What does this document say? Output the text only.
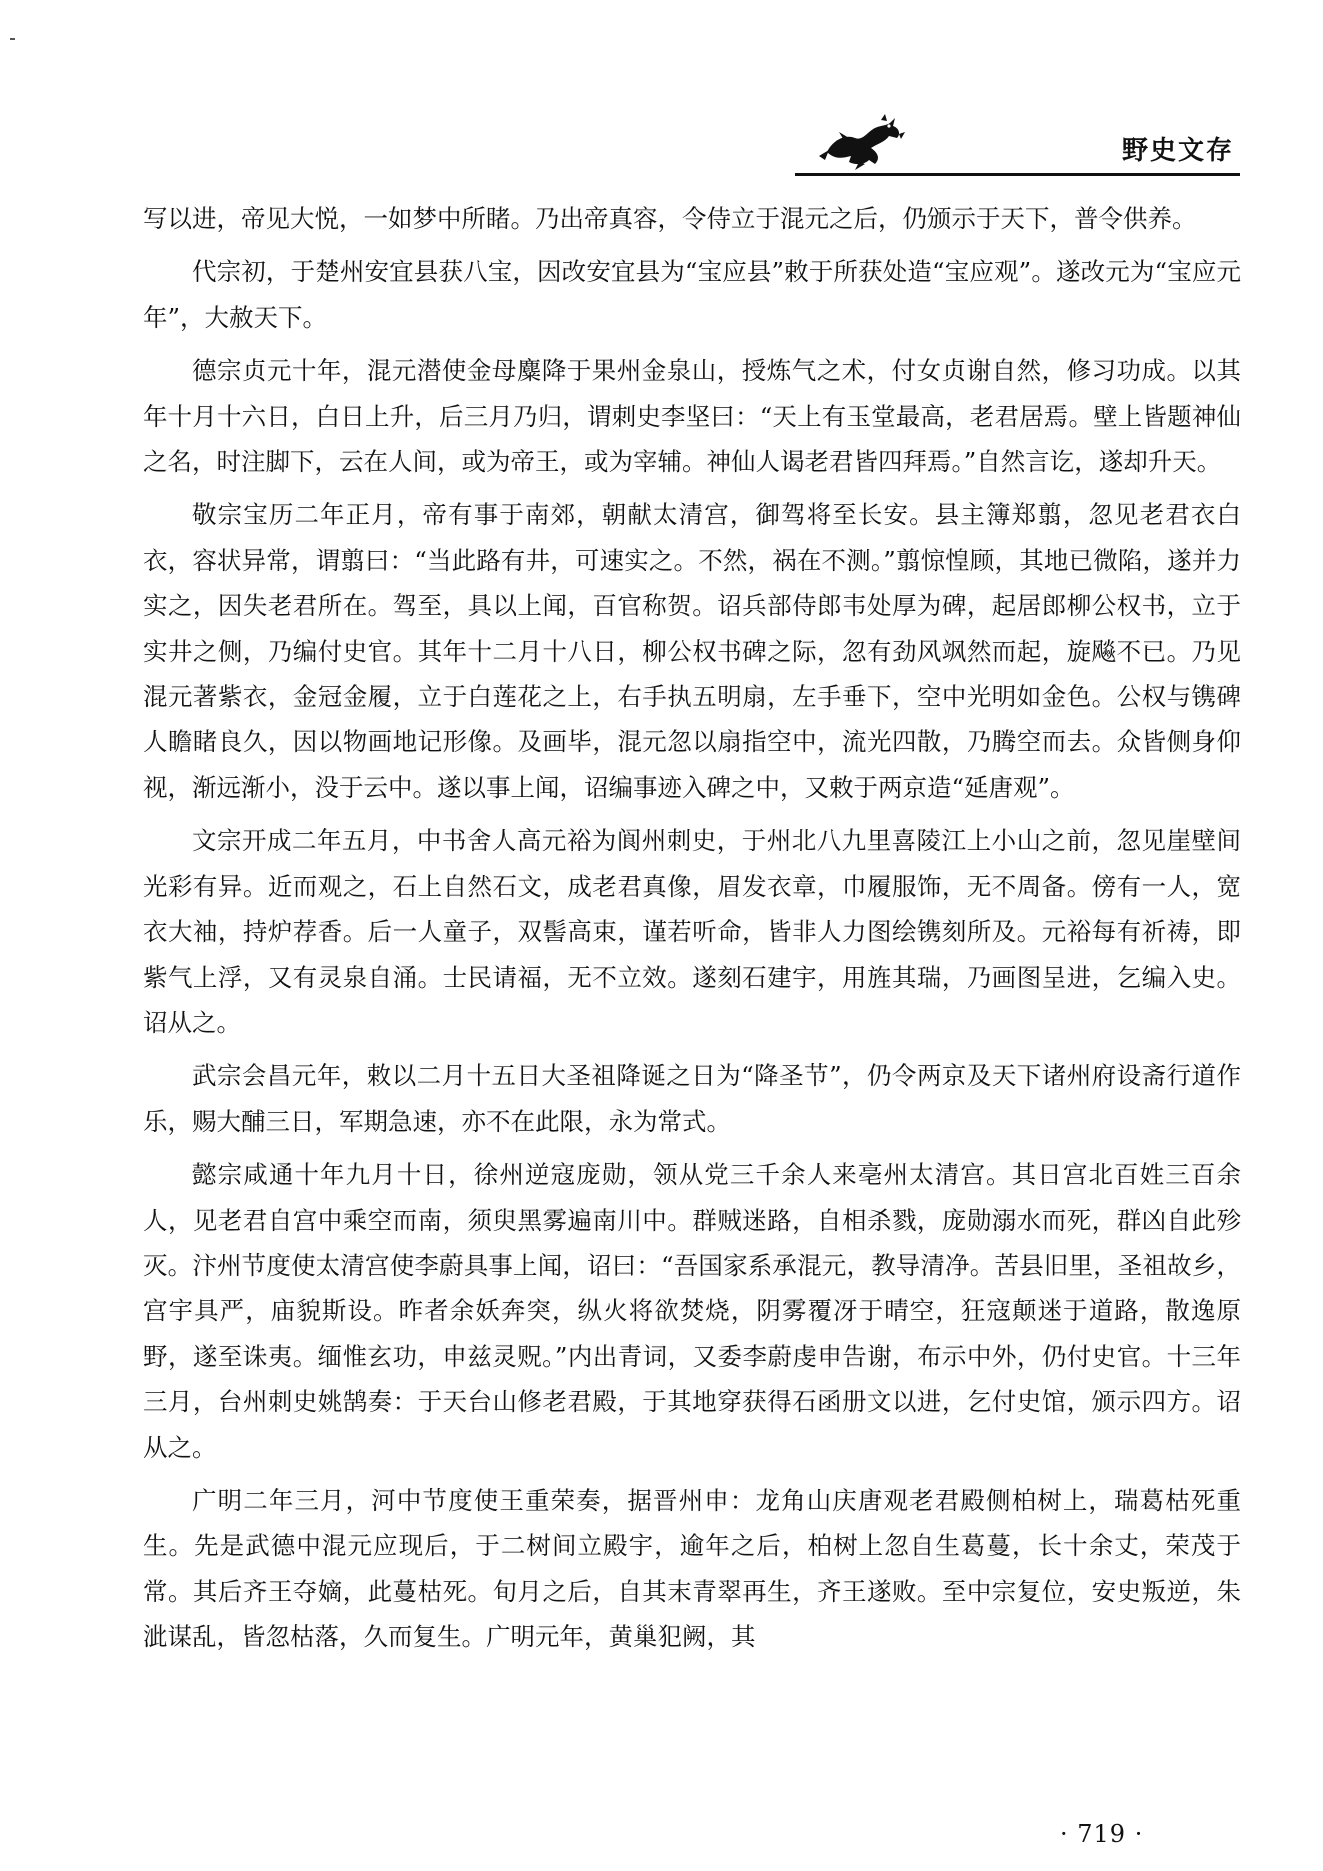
野史文存

写以进，帝见大悦，一如梦中所睹。乃出帝真容，令侍立于混元之后，仍颁示于天下，普令供养。

代宗初，于楚州安宜县获八宝，因改安宜县为“宝应县”敕于所获处造“宝应观”。遂改元为“宝应元年”，大赦天下。

德宗贞元十年，混元潜使金母麋降于果州金泉山，授炼气之术，付女贞谢自然，修习功成。以其年十月十六日，白日上升，后三月乃归，谓刺史李坚曰：“天上有玉堂最高，老君居焉。壁上皆题神仙之名，时注脚下，云在人间，或为帝王，或为宰辅。神仙人谒老君皆四拜焉。”自然言讫，遂却升天。

敬宗宝历二年正月，帝有事于南郊，朝献太清宫，御驾将至长安。县主簿郑翦，忽见老君衣白衣，容状异常，谓翦曰：“当此路有井，可速实之。不然，祸在不测。”翦惊惶顾，其地已微陷，遂并力实之，因失老君所在。驾至，具以上闻，百官称贺。诏兵部侍郎韦处厚为碑，起居郎柳公权书，立于实井之侧，乃编付史官。其年十二月十八日，柳公权书碑之际，忽有劲风飒然而起，旋飚不已。乃见混元著紫衣，金冠金履，立于白莲花之上，右手执五明扇，左手垂下，空中光明如金色。公权与镌碑人瞻睹良久，因以物画地记形像。及画毕，混元忽以扇指空中，流光四散，乃腾空而去。众皆侧身仰视，渐远渐小，没于云中。遂以事上闻，诏编事迹入碑之中，又敕于两京造“延唐观”。

文宗开成二年五月，中书舍人高元裕为阆州刺史，于州北八九里喜陵江上小山之前，忽见崖壁间光彩有异。近而观之，石上自然石文，成老君真像，眉发衣章，巾履服饰，无不周备。傍有一人，宽衣大袖，持炉荐香。后一人童子，双髻高束，谨若听命，皆非人力图绘镌刻所及。元裕每有祈祷，即紫气上浮，又有灵泉自涌。士民请福，无不立效。遂刻石建宇，用旌其瑞，乃画图呈进，乞编入史。诏从之。

武宗会昌元年，敕以二月十五日大圣祖降诞之日为“降圣节”，仍令两京及天下诸州府设斋行道作乐，赐大酺三日，军期急速，亦不在此限，永为常式。

懿宗咸通十年九月十日，徐州逆寇庞勋，领从党三千余人来亳州太清宫。其日宫北百姓三百余人，见老君自宫中乘空而南，须臾黑雾遍南川中。群贼迷路，自相杀戮，庞勋溺水而死，群凶自此殄灭。汴州节度使太清宫使李蔚具事上闻，诏曰：“吾国家系承混元，教导清净。苦县旧里，圣祖故乡，宫宇具严，庙貌斯设。昨者余妖奔突，纵火将欲焚烧，阴雾覆冴于晴空，狂寇颠迷于道路，散逸原野，遂至诛夷。缅惟玄功，申兹灵贶。”内出青词，又委李蔚虔申告谢，布示中外，仍付史官。十三年三月，台州刺史姚鹄奏：于天台山修老君殿，于其地穿获得石函册文以进，乞付史馆，颁示四方。诏从之。

广明二年三月，河中节度使王重荣奏，据晋州申：龙角山庆唐观老君殿侧柏树上，瑞葛枯死重生。先是武德中混元应现后，于二树间立殿宇，逾年之后，柏树上忽自生葛蔓，长十余丈，荣茂于常。其后齐王夺嫡，此蔓枯死。旬月之后，自其末青翠再生，齐王遂败。至中宗复位，安史叛逆，朱泚谋乱，皆忽枯落，久而复生。广明元年，黄巢犯阙，其

· 719 ·
